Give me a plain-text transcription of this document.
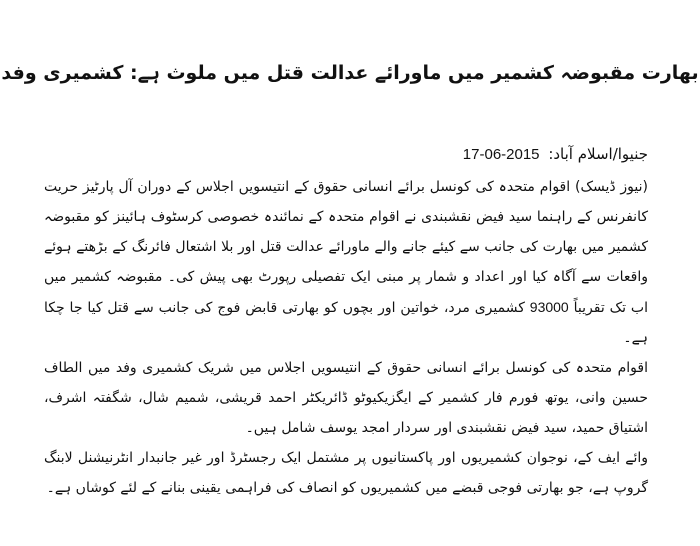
بھارت مقبوضہ کشمیر میں ماورائے عدالت قتل میں ملوث ہے: کشمیری وفد
جنیوا/اسلام آباد: 17-06-2015

(نیوز ڈیسک) اقوام متحدہ کی کونسل برائے انسانی حقوق کے انتیسویں اجلاس کے دوران آل پارٹیز حریت کانفرنس کے راہنما سید فیض نقشبندی نے اقوام متحدہ کے نمائندہ خصوصی کرسٹوف ہائینز کو مقبوضہ کشمیر میں بھارت کی جانب سے کیئے جانے والے ماورائے عدالت قتل اور بلا اشتعال فائرنگ کے بڑھتے ہوئے واقعات سے آگاہ کیا اور اعداد و شمار پر مبنی ایک تفصیلی رپورٹ بھی پیش کی۔ مقبوضہ کشمیر میں اب تک تقریباً 93000 کشمیری مرد، خواتین اور بچوں کو بھارتی قابض فوج کی جانب سے قتل کیا جا چکا ہے۔

اقوام متحدہ کی کونسل برائے انسانی حقوق کے انتیسویں اجلاس میں شریک کشمیری وفد میں الطاف حسین وانی، یوتھ فورم فار کشمیر کے ایگزیکیوٹو ڈائریکٹر احمد قریشی، شمیم شال، شگفتہ اشرف، اشتیاق حمید، سید فیض نقشبندی اور سردار امجد یوسف شامل ہیں۔

وائے ایف کے، نوجوان کشمیریوں اور پاکستانیوں پر مشتمل ایک رجسٹرڈ اور غیر جانبدار انٹرنیشنل لابنگ گروپ ہے، جو بھارتی فوجی قبضے میں کشمیریوں کو انصاف کی فراہمی یقینی بنانے کے لئے کوشاں ہے۔
